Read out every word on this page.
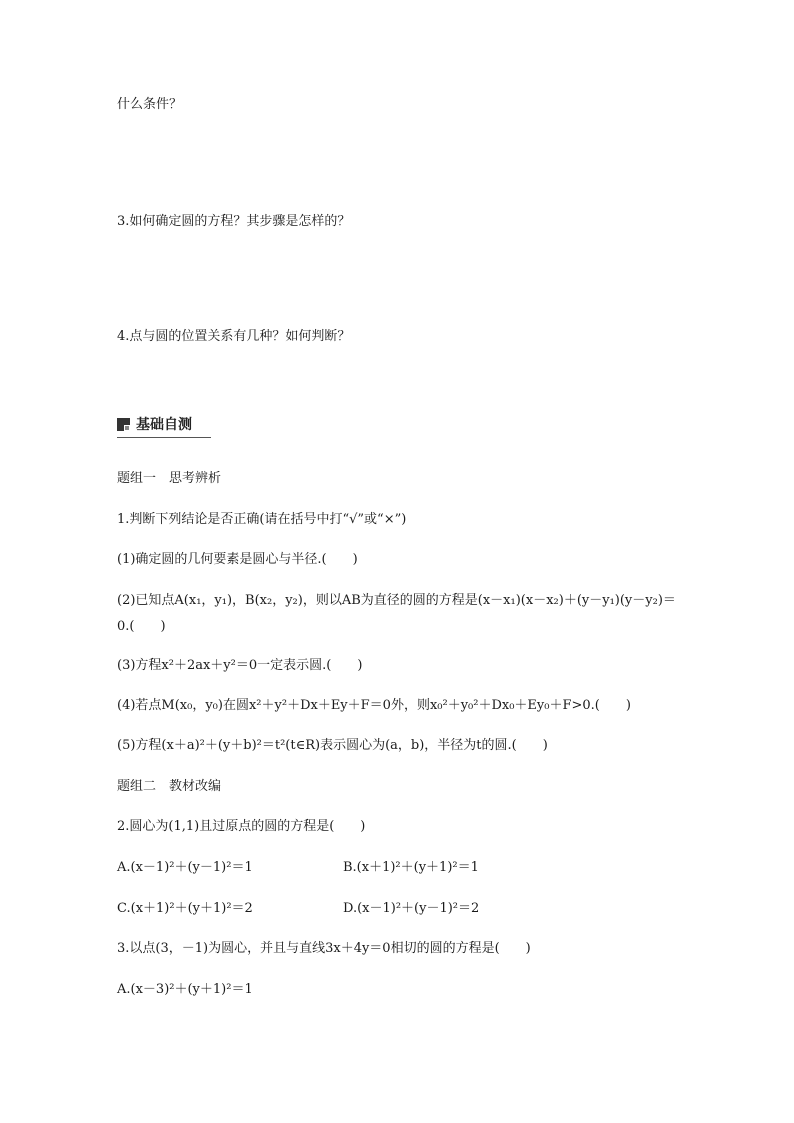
什么条件？
3.如何确定圆的方程？其步骤是怎样的？
4.点与圆的位置关系有几种？如何判断？
基础自测
题组一　思考辨析
1.判断下列结论是否正确(请在括号中打“√”或“×”)
(1)确定圆的几何要素是圆心与半径.(　　)
(2)已知点A(x₁，y₁)，B(x₂，y₂)，则以AB为直径的圆的方程是(x－x₁)(x－x₂)＋(y－y₁)(y－y₂)＝
0.(　　)
(3)方程x²＋2ax＋y²＝0一定表示圆.(　　)
(4)若点M(x₀，y₀)在圆x²＋y²＋Dx＋Ey＋F＝0外，则x₀²＋y₀²＋Dx₀＋Ey₀＋F>0.(　　)
(5)方程(x＋a)²＋(y＋b)²＝t²(t∈R)表示圆心为(a，b)，半径为t的圆.(　　)
题组二　教材改编
2.圆心为(1,1)且过原点的圆的方程是(　　)
A.(x－1)²＋(y－1)²＝1	B.(x＋1)²＋(y＋1)²＝1
C.(x＋1)²＋(y＋1)²＝2	D.(x－1)²＋(y－1)²＝2
3.以点(3，－1)为圆心，并且与直线3x＋4y＝0相切的圆的方程是(　　)
A.(x－3)²＋(y＋1)²＝1
